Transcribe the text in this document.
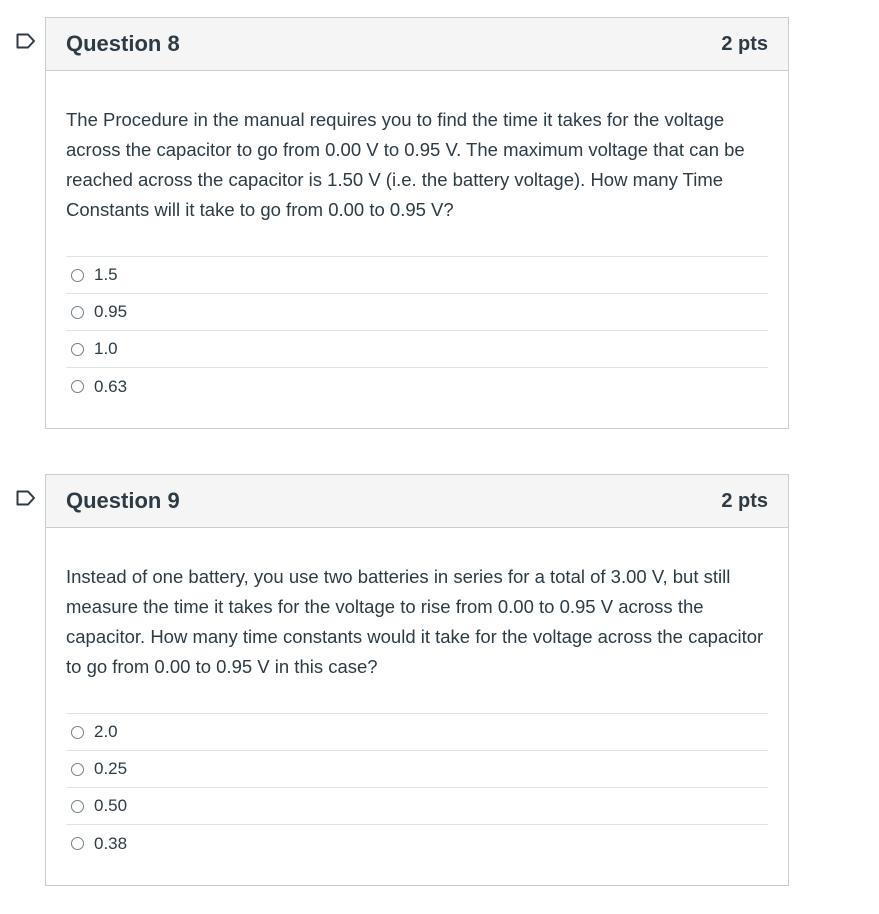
Question 8	2 pts

The Procedure in the manual requires you to find the time it takes for the voltage across the capacitor to go from 0.00 V to 0.95 V. The maximum voltage that can be reached across the capacitor is 1.50 V (i.e. the battery voltage). How many Time Constants will it take to go from 0.00 to 0.95 V?

1.5
0.95
1.0
0.63
Question 9	2 pts

Instead of one battery, you use two batteries in series for a total of 3.00 V, but still measure the time it takes for the voltage to rise from 0.00 to 0.95 V across the capacitor. How many time constants would it take for the voltage across the capacitor to go from 0.00 to 0.95 V in this case?

2.0
0.25
0.50
0.38
